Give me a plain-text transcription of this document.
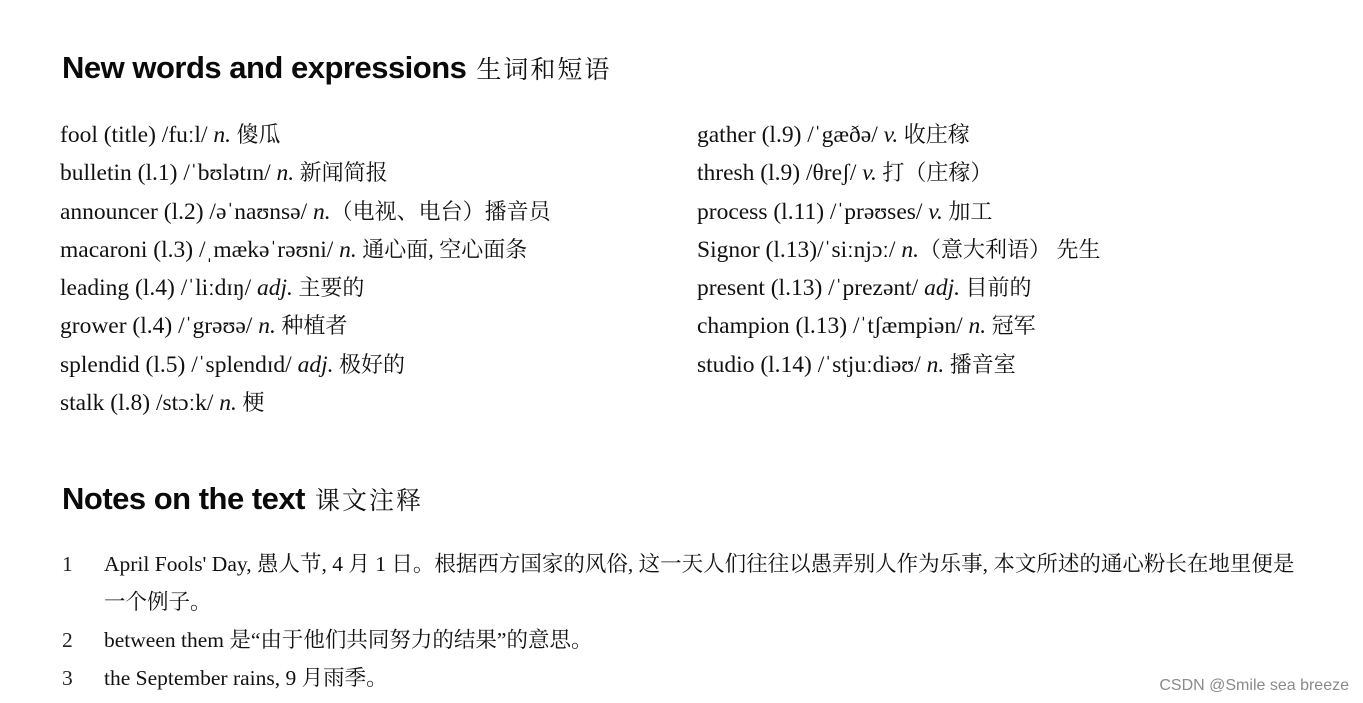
New words and expressions 生词和短语
fool (title) /fuːl/ n. 傻瓜
bulletin (l.1) /ˈbʊlətɪn/ n. 新闻简报
announcer (l.2) /əˈnaʊnsə/ n.（电视、电台）播音员
macaroni (l.3) /ˌmækəˈrəʊni/ n. 通心面, 空心面条
leading (l.4) /ˈliːdɪŋ/ adj. 主要的
grower (l.4) /ˈgrəʊə/ n. 种植者
splendid (l.5) /ˈsplendɪd/ adj. 极好的
stalk (l.8) /stɔːk/ n. 梗
gather (l.9) /ˈgæðə/ v. 收庄稼
thresh (l.9) /θreʃ/ v. 打（庄稼）
process (l.11) /ˈprəʊses/ v. 加工
Signor (l.13)/ˈsiːnjɔː/ n.（意大利语） 先生
present (l.13) /ˈprezənt/ adj. 目前的
champion (l.13) /ˈtʃæmpiən/ n. 冠军
studio (l.14) /ˈstjuːdiəʊ/ n. 播音室
Notes on the text 课文注释
1	April Fools' Day, 愚人节, 4 月 1 日。根据西方国家的风俗, 这一天人们往往以愚弄别人作为乐事, 本文所述的通心粉长在地里便是一个例子。
2	between them 是“由于他们共同努力的结果”的意思。
3	the September rains, 9 月雨季。	CSDN @Smile sea breeze
